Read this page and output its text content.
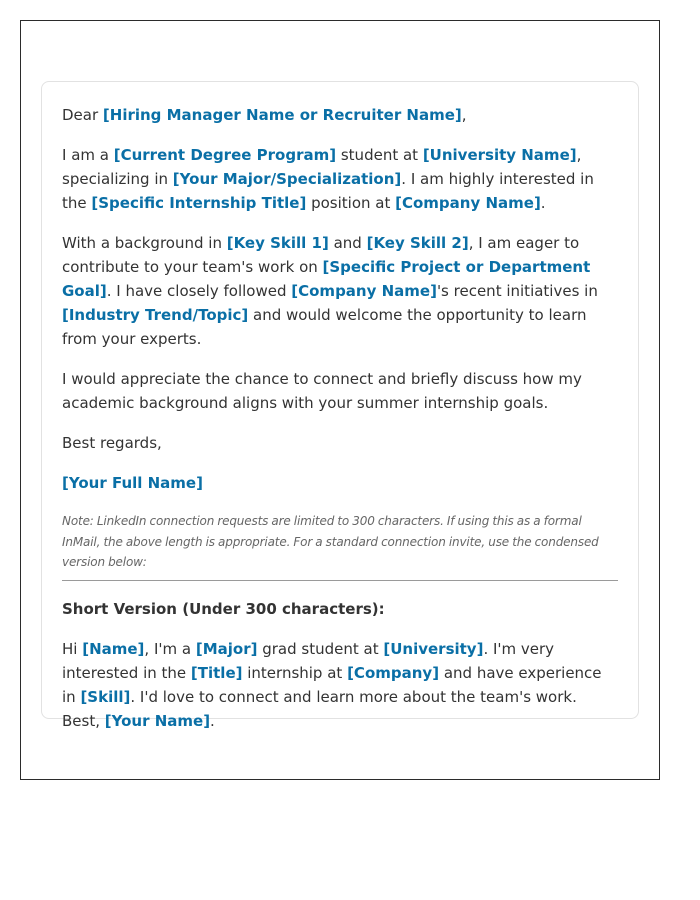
Dear [Hiring Manager Name or Recruiter Name],

I am a [Current Degree Program] student at [University Name], specializing in [Your Major/Specialization]. I am highly interested in the [Specific Internship Title] position at [Company Name].

With a background in [Key Skill 1] and [Key Skill 2], I am eager to contribute to your team's work on [Specific Project or Department Goal]. I have closely followed [Company Name]'s recent initiatives in [Industry Trend/Topic] and would welcome the opportunity to learn from your experts.

I would appreciate the chance to connect and briefly discuss how my academic background aligns with your summer internship goals.

Best regards,

[Your Full Name]

Note: LinkedIn connection requests are limited to 300 characters. If using this as a formal InMail, the above length is appropriate. For a standard connection invite, use the condensed version below:

Short Version (Under 300 characters):

Hi [Name], I'm a [Major] grad student at [University]. I'm very interested in the [Title] internship at [Company] and have experience in [Skill]. I'd love to connect and learn more about the team's work. Best, [Your Name].
